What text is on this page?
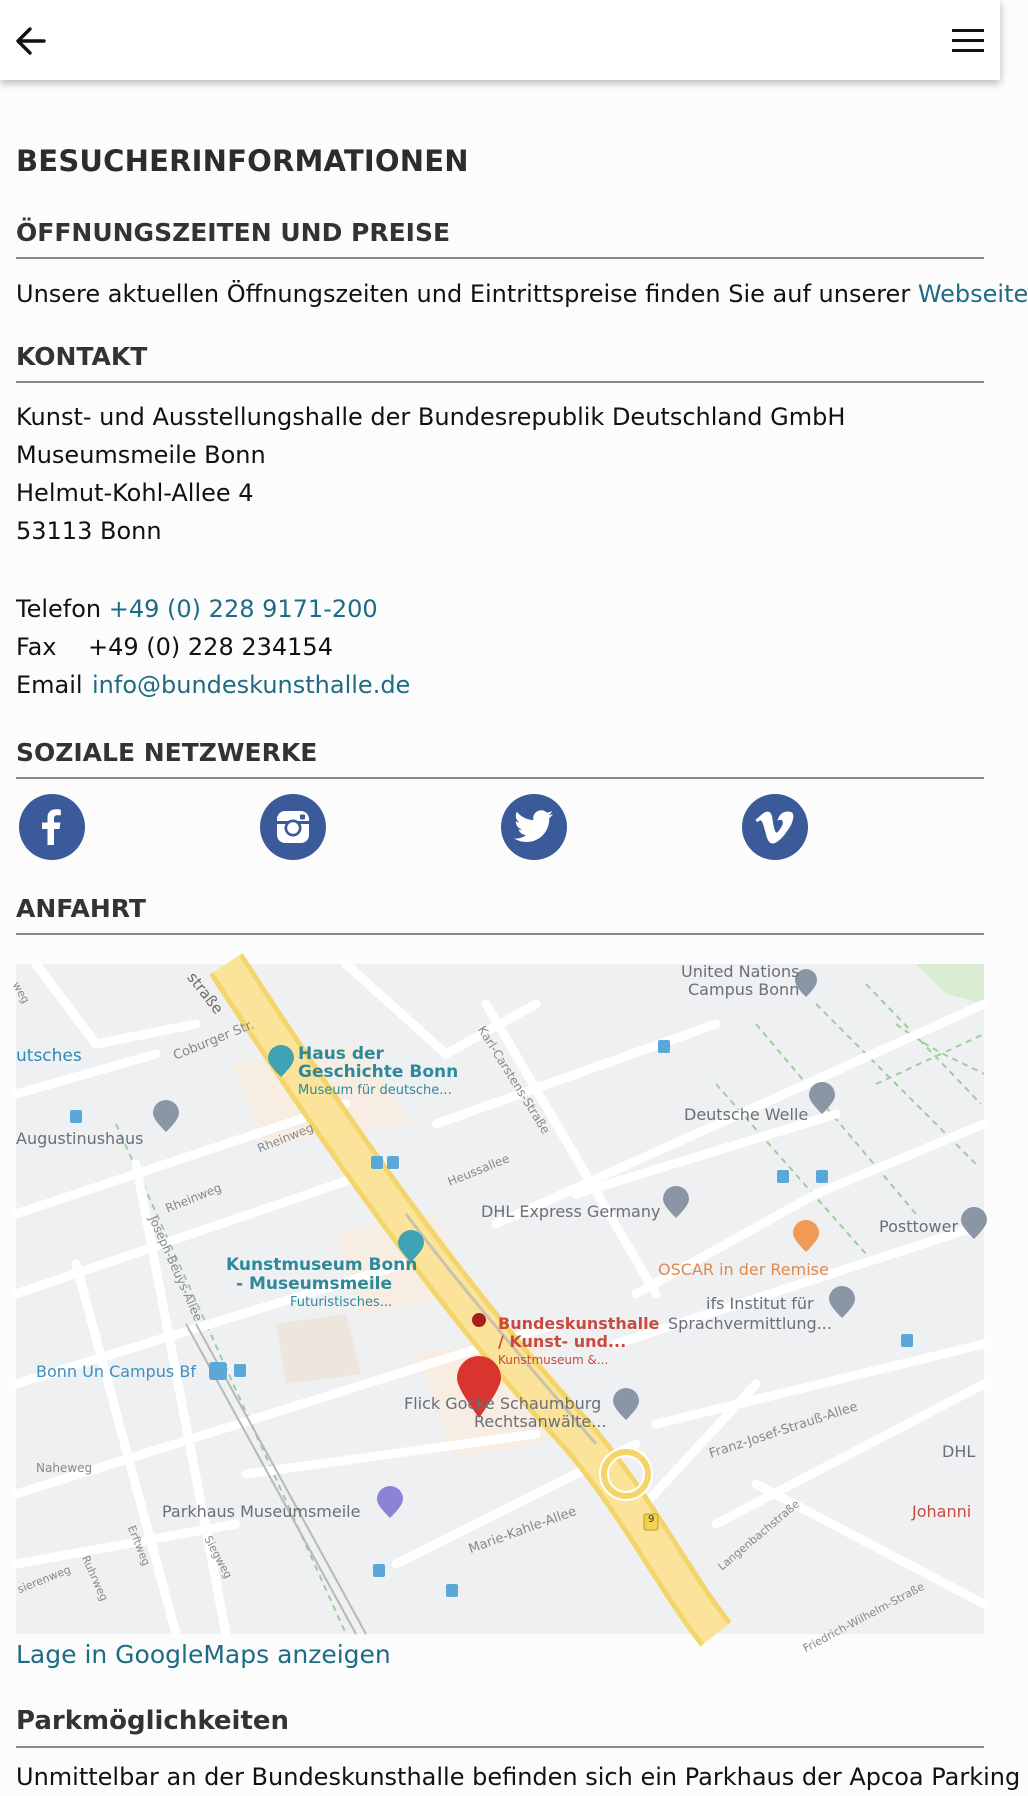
BESUCHERINFORMATIONEN
ÖFFNUNGSZEITEN UND PREISE
Unsere aktuellen Öffnungszeiten und Eintrittspreise finden Sie auf unserer Webseite
KONTAKT
Kunst- und Ausstellungshalle der Bundesrepublik Deutschland GmbH
Museumsmeile Bonn
Helmut-Kohl-Allee 4
53113 Bonn
Telefon +49 (0) 228 9171-200
Fax +49 (0) 228 234154
Email info@bundeskunsthalle.de
SOZIALE NETZWERKE
ANFAHRT
straße
Coburger Str.
utsches	Haus der
Geschichte Bonn
Museum für deutsche... Karl-Carstens-Straße
United Nations
Campus Bonn
Deutsche Welle
Augustinushaus	Rheinweg
Rheinweg
Heussallee
DHL Express Germany
Posttower
OSCAR in der Remise
Kunstmuseum Bonn
- Museumsmeile
Futuristisches...
Joseph-Beuys-Allee
Bundeskunsthalle
/ Kunst- und...
Kunstmuseum &...
ifs Institut für
Sprachvermittlung...
Bonn Un Campus Bf
Franz-Josef-Strauß-Allee
Flick Gocke Schaumburg
Rechtsanwälte...
DHL
Naheweg
Parkhaus Museumsmeile	Marie-Kahle-Allee	Johanni
Langenbachstraße
Erftweg	Siegweg
Ruhrweg
sierenweg
weg
Friedrich-Wilhelm-Straße
9
Lage in GoogleMaps anzeigen
Parkmöglichkeiten
Unmittelbar an der Bundeskunsthalle befinden sich ein Parkhaus der Apcoa Parking
